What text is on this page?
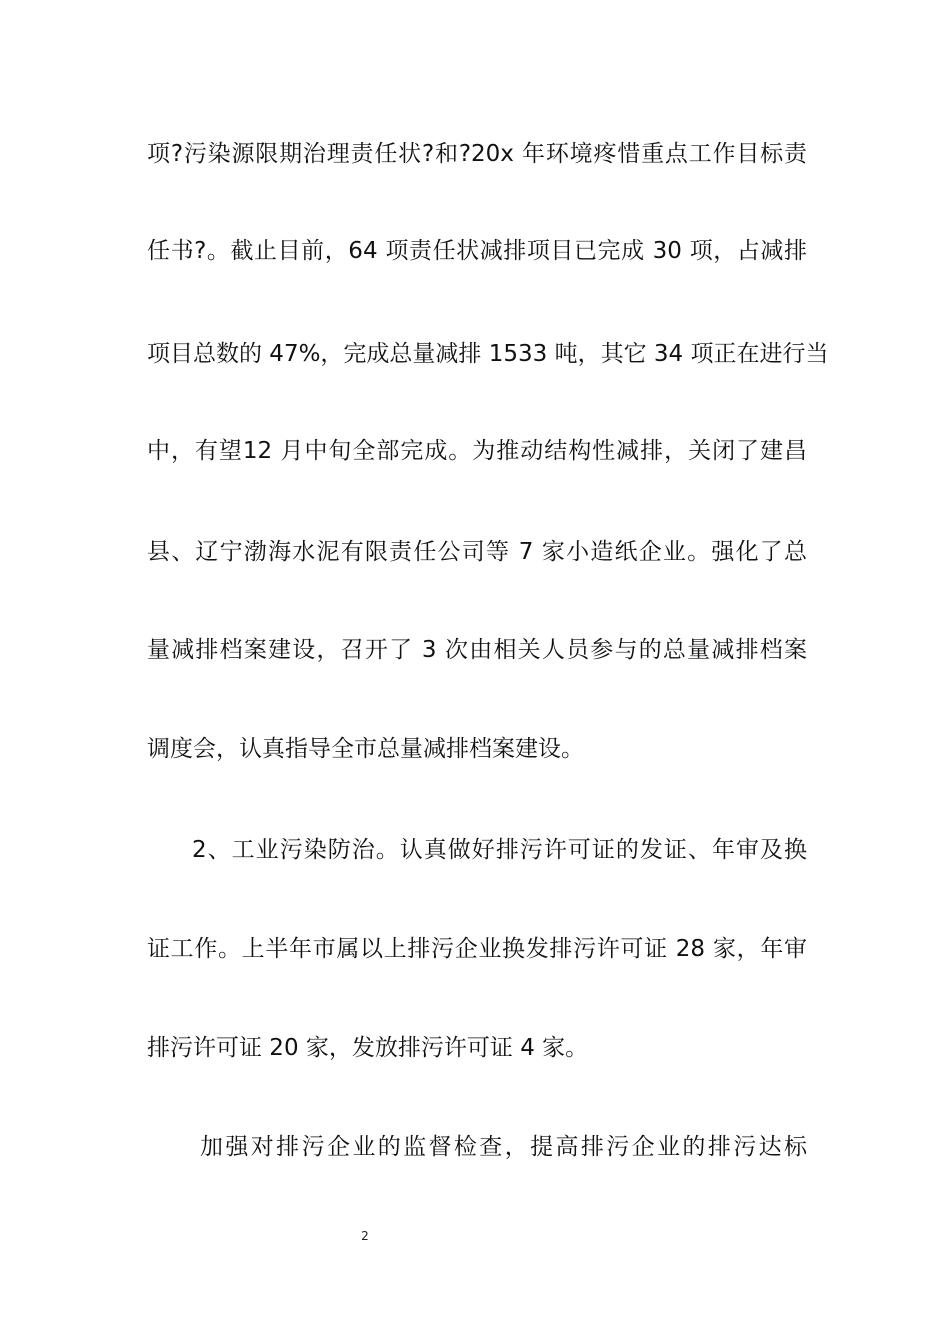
项?污染源限期治理责任状?和?20x 年环境疼惜重点工作目标责
任书?。截止目前，64 项责任状减排项目已完成 30 项，占减排
项目总数的 47%，完成总量减排 1533 吨，其它 34 项正在进行当
中，有望12 月中旬全部完成。为推动结构性减排，关闭了建昌
县、辽宁渤海水泥有限责任公司等 7 家小造纸企业。强化了总
量减排档案建设，召开了 3 次由相关人员参与的总量减排档案
调度会，认真指导全市总量减排档案建设。
2、工业污染防治。认真做好排污许可证的发证、年审及换
证工作。上半年市属以上排污企业换发排污许可证 28 家，年审
排污许可证 20 家，发放排污许可证 4 家。
加强对排污企业的监督检查，提高排污企业的排污达标
2
